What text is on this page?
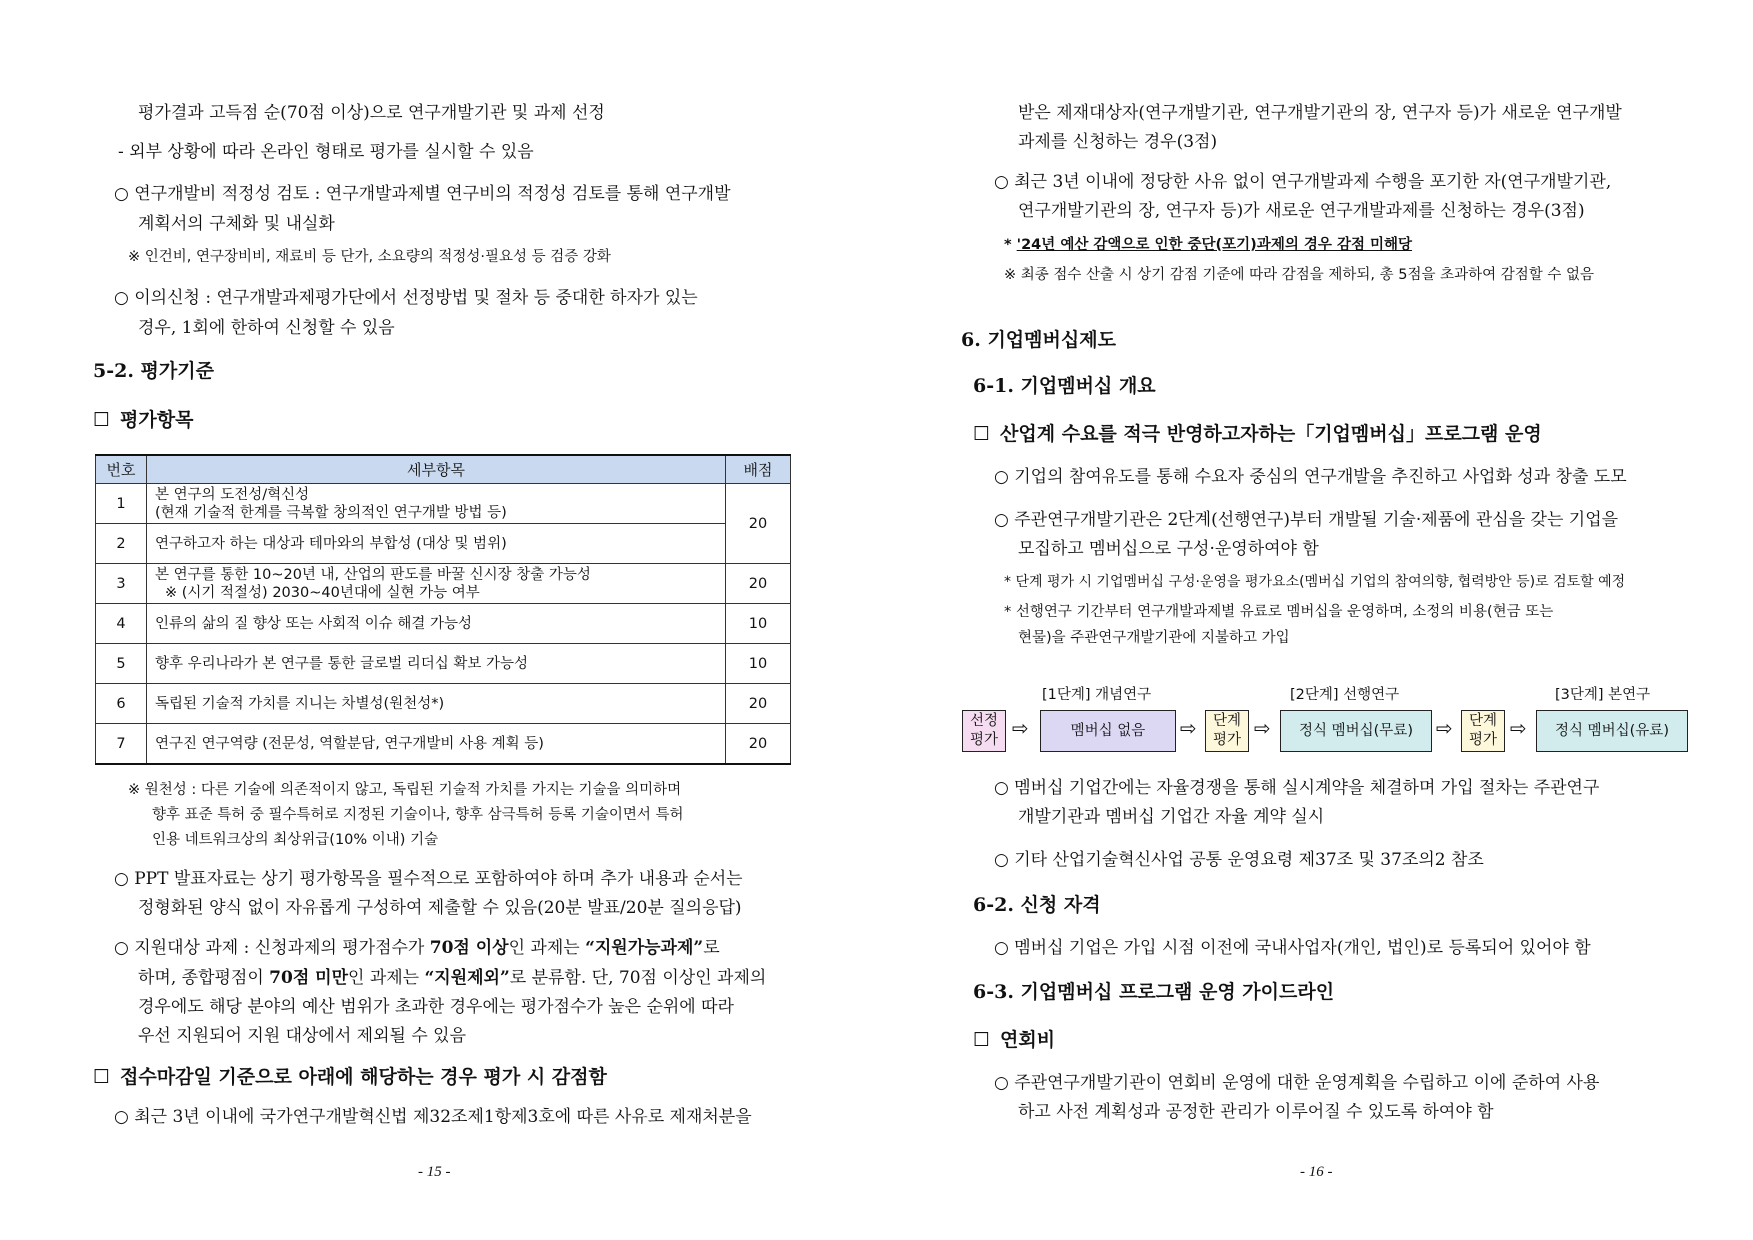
평가결과 고득점 순(70점 이상)으로 연구개발기관 및 과제 선정
- 외부 상황에 따라 온라인 형태로 평가를 실시할 수 있음
○ 연구개발비 적정성 검토 : 연구개발과제별 연구비의 적정성 검토를 통해 연구개발
계획서의 구체화 및 내실화
※ 인건비, 연구장비비, 재료비 등 단가, 소요량의 적정성·필요성 등 검증 강화
○ 이의신청 : 연구개발과제평가단에서 선정방법 및 절차 등 중대한 하자가 있는
경우, 1회에 한하여 신청할 수 있음
5-2. 평가기준
☐ 평가항목
번호	세부항목	배점
1	본 연구의 도전성/혁신성
(현재 기술적 한계를 극복할 창의적인 연구개발 방법 등)	20
2	연구하고자 하는 대상과 테마와의 부합성 (대상 및 범위)	
3	본 연구를 통한 10~20년 내, 산업의 판도를 바꿀 신시장 창출 가능성
※ (시기 적절성) 2030~40년대에 실현 가능 여부	20
4	인류의 삶의 질 향상 또는 사회적 이슈 해결 가능성	10
5	향후 우리나라가 본 연구를 통한 글로벌 리더십 확보 가능성	10
6	독립된 기술적 가치를 지니는 차별성(원천성*)	20
7	연구진 연구역량 (전문성, 역할분담, 연구개발비 사용 계획 등)	20
※ 원천성 : 다른 기술에 의존적이지 않고, 독립된 기술적 가치를 가지는 기술을 의미하며
향후 표준 특허 중 필수특허로 지정된 기술이나, 향후 삼극특허 등록 기술이면서 특허
인용 네트워크상의 최상위급(10% 이내) 기술
○ PPT 발표자료는 상기 평가항목을 필수적으로 포함하여야 하며 추가 내용과 순서는
정형화된 양식 없이 자유롭게 구성하여 제출할 수 있음(20분 발표/20분 질의응답)
○ 지원대상 과제 : 신청과제의 평가점수가 70점 이상인 과제는 “지원가능과제”로
하며, 종합평점이 70점 미만인 과제는 “지원제외”로 분류함. 단, 70점 이상인 과제의
경우에도 해당 분야의 예산 범위가 초과한 경우에는 평가점수가 높은 순위에 따라
우선 지원되어 지원 대상에서 제외될 수 있음
☐ 접수마감일 기준으로 아래에 해당하는 경우 평가 시 감점함
○ 최근 3년 이내에 국가연구개발혁신법 제32조제1항제3호에 따른 사유로 제재처분을
- 15 -
받은 제재대상자(연구개발기관, 연구개발기관의 장, 연구자 등)가 새로운 연구개발
과제를 신청하는 경우(3점)
○ 최근 3년 이내에 정당한 사유 없이 연구개발과제 수행을 포기한 자(연구개발기관,
연구개발기관의 장, 연구자 등)가 새로운 연구개발과제를 신청하는 경우(3점)
* '24년 예산 감액으로 인한 중단(포기)과제의 경우 감점 미해당
※ 최종 점수 산출 시 상기 감점 기준에 따라 감점을 제하되, 총 5점을 초과하여 감점할 수 없음
6. 기업멤버십제도
6-1. 기업멤버십 개요
☐ 산업계 수요를 적극 반영하고자하는「기업멤버십」프로그램 운영
○ 기업의 참여유도를 통해 수요자 중심의 연구개발을 추진하고 사업화 성과 창출 도모
○ 주관연구개발기관은 2단계(선행연구)부터 개발될 기술·제품에 관심을 갖는 기업을
모집하고 멤버십으로 구성·운영하여야 함
* 단계 평가 시 기업멤버십 구성·운영을 평가요소(멤버십 기업의 참여의향, 협력방안 등)로 검토할 예정
* 선행연구 기간부터 연구개발과제별 유료로 멤버십을 운영하며, 소정의 비용(현금 또는
현물)을 주관연구개발기관에 지불하고 가입
[1단계] 개념연구	[2단계] 선행연구	[3단계] 본연구
선정
평가 ⇨	멤버십 없음	⇨	단계
평가 ⇨	정식 멤버십(무료)	⇨	단계
평가 ⇨	정식 멤버십(유료)
○ 멤버십 기업간에는 자율경쟁을 통해 실시계약을 체결하며 가입 절차는 주관연구
개발기관과 멤버십 기업간 자율 계약 실시
○ 기타 산업기술혁신사업 공통 운영요령 제37조 및 37조의2 참조
6-2. 신청 자격
○ 멤버십 기업은 가입 시점 이전에 국내사업자(개인, 법인)로 등록되어 있어야 함
6-3. 기업멤버십 프로그램 운영 가이드라인
☐ 연회비
○ 주관연구개발기관이 연회비 운영에 대한 운영계획을 수립하고 이에 준하여 사용
하고 사전 계획성과 공정한 관리가 이루어질 수 있도록 하여야 함
- 16 -
